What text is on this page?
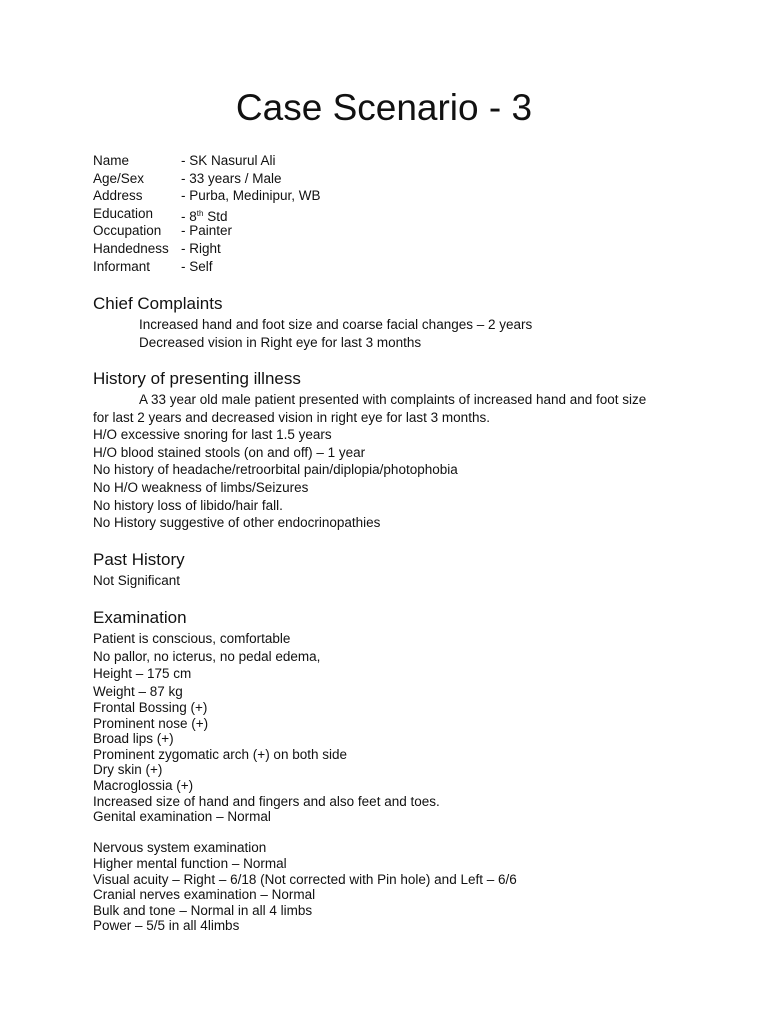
Case Scenario - 3
Name	- SK Nasurul Ali
Age/Sex	- 33 years / Male
Address	- Purba, Medinipur, WB
Education	- 8th Std
Occupation	- Painter
Handedness - Right
Informant	- Self
Chief Complaints
Increased hand and foot size and coarse facial changes – 2 years
Decreased vision in Right eye for last 3 months
History of presenting illness
A 33 year old male patient presented with complaints of increased hand and foot size
for last 2 years and decreased vision in right eye for last 3 months.
H/O excessive snoring for last 1.5 years
H/O blood stained stools (on and off) – 1 year
No history of headache/retroorbital pain/diplopia/photophobia
No H/O weakness of limbs/Seizures
No history loss of libido/hair fall.
No History suggestive of other endocrinopathies
Past History
Not Significant
Examination
Patient is conscious, comfortable
No pallor, no icterus, no pedal edema,
Height – 175 cm
Weight – 87 kg
Frontal Bossing (+)
Prominent nose (+)
Broad lips (+)
Prominent zygomatic arch (+) on both side
Dry skin (+)
Macroglossia (+)
Increased size of hand and fingers and also feet and toes.
Genital examination – Normal
Nervous system examination
Higher mental function – Normal
Visual acuity – Right – 6/18 (Not corrected with Pin hole) and Left – 6/6
Cranial nerves examination – Normal
Bulk and tone – Normal in all 4 limbs
Power – 5/5 in all 4limbs
